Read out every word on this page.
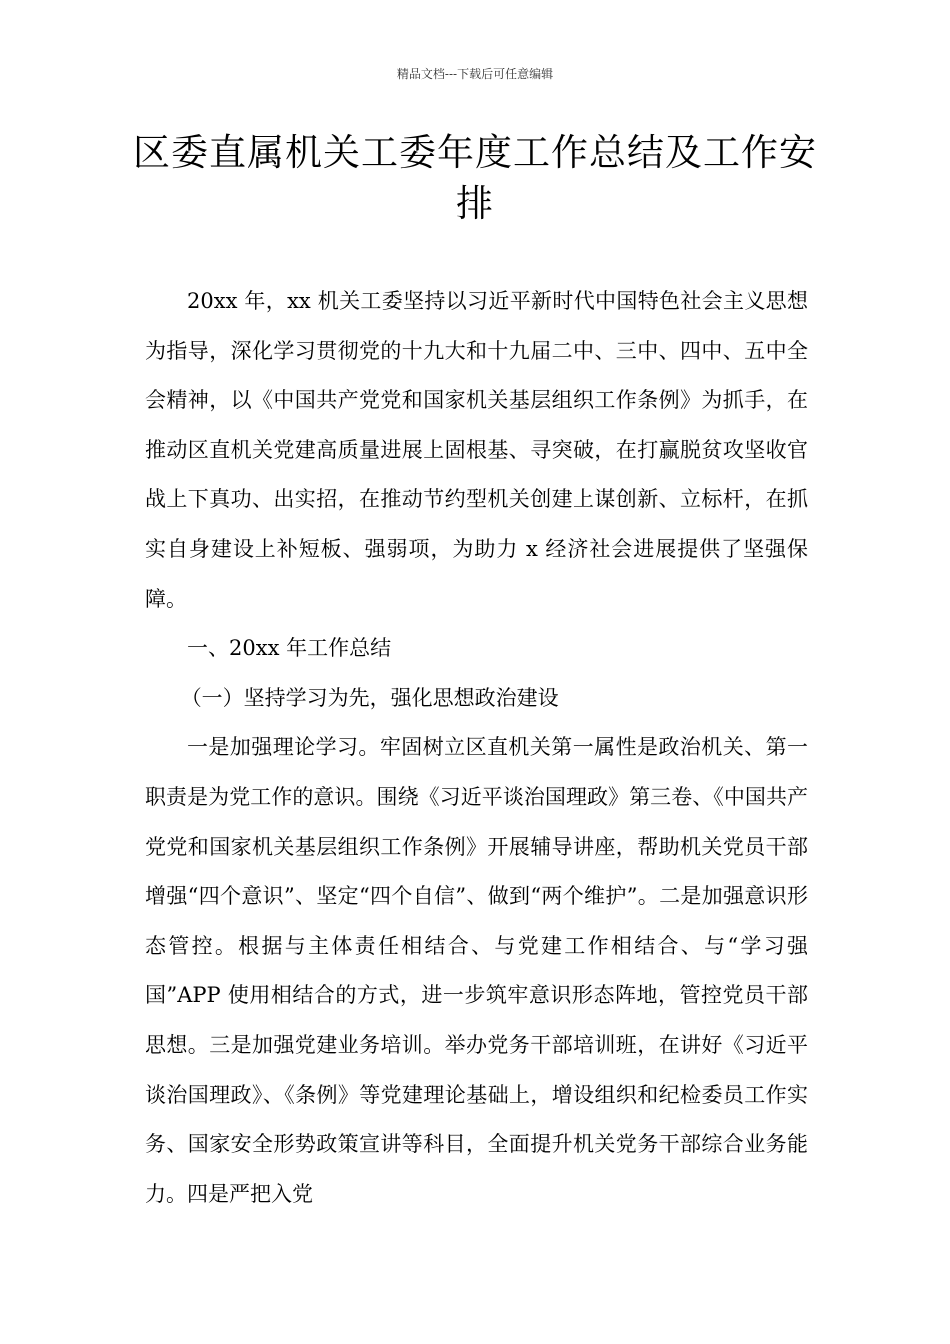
精品文档---下载后可任意编辑
区委直属机关工委年度工作总结及工作安排

20xx 年，xx 机关工委坚持以习近平新时代中国特色社会主义思想为指导，深化学习贯彻党的十九大和十九届二中、三中、四中、五中全会精神，以《中国共产党党和国家机关基层组织工作条例》为抓手，在推动区直机关党建高质量进展上固根基、寻突破，在打赢脱贫攻坚收官战上下真功、出实招，在推动节约型机关创建上谋创新、立标杆，在抓实自身建设上补短板、强弱项，为助力 x 经济社会进展提供了坚强保障。

一、20xx 年工作总结

（一）坚持学习为先，强化思想政治建设

一是加强理论学习。牢固树立区直机关第一属性是政治机关、第一职责是为党工作的意识。围绕《习近平谈治国理政》第三卷、《中国共产党党和国家机关基层组织工作条例》开展辅导讲座，帮助机关党员干部增强“四个意识”、坚定“四个自信”、做到“两个维护”。二是加强意识形态管控。根据与主体责任相结合、与党建工作相结合、与“学习强国”APP 使用相结合的方式，进一步筑牢意识形态阵地，管控党员干部思想。三是加强党建业务培训。举办党务干部培训班，在讲好《习近平谈治国理政》、《条例》等党建理论基础上，增设组织和纪检委员工作实务、国家安全形势政策宣讲等科目，全面提升机关党务干部综合业务能力。四是严把入党
